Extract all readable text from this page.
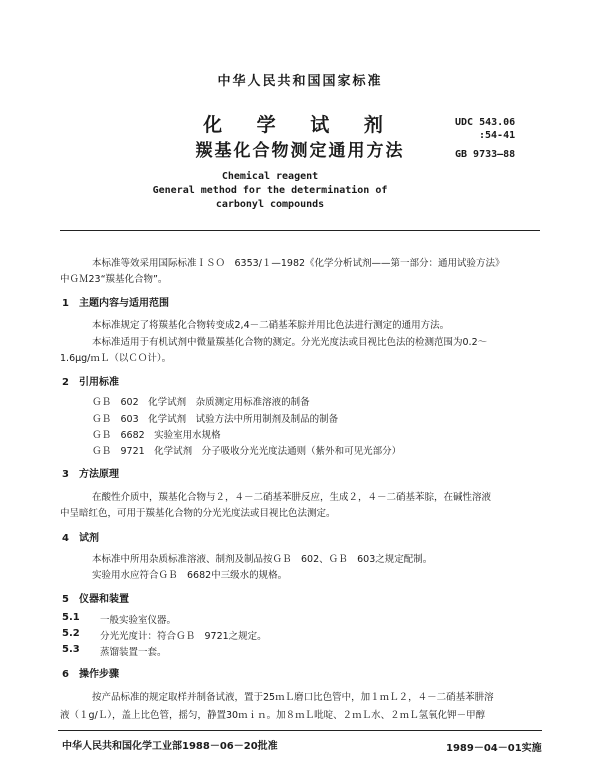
中华人民共和国国家标准
化 学 试 剂
羰基化合物测定通用方法
UDC 543.06
:54-41
GB 9733—88
Chemical reagent
General method for the determination of
carbonyl compounds
本标准等效采用国际标准ＩＳＯ　6353/１—1982《化学分析试剂——第一部分：通用试验方法》
中ＧＭ23“羰基化合物”。
1　主题内容与适用范围
本标准规定了将羰基化合物转变成2,4－二硝基苯腙并用比色法进行测定的通用方法。
本标准适用于有机试剂中微量羰基化合物的测定。分光光度法或目视比色法的检测范围为0.2～
1.6μg/ｍＬ（以ＣＯ计）。
2　引用标准
ＧＢ　602　化学试剂　杂质测定用标准溶液的制备
ＧＢ　603　化学试剂　试验方法中所用制剂及制品的制备
ＧＢ　6682　实验室用水规格
ＧＢ　9721　化学试剂　分子吸收分光光度法通则（紫外和可见光部分）
3　方法原理
在酸性介质中，羰基化合物与２，４－二硝基苯肼反应，生成２，４－二硝基苯腙，在碱性溶液
中呈暗红色，可用于羰基化合物的分光光度法或目视比色法测定。
4　试剂
本标准中所用杂质标准溶液、制剂及制品按ＧＢ　602、ＧＢ　603之规定配制。
实验用水应符合ＧＢ　6682中三级水的规格。
5　仪器和装置
5.1 一般实验室仪器。
5.2 分光光度计：符合ＧＢ　9721之规定。
5.3 蒸馏装置一套。
6　操作步骤
按产品标准的规定取样并制备试液，置于25ｍＬ磨口比色管中，加１ｍＬ２，４－二硝基苯肼溶
液（１g/Ｌ），盖上比色管，摇匀，静置30ｍｉｎ。加８ｍＬ吡啶、２ｍＬ水、２ｍＬ氢氧化钾－甲醇
中华人民共和国化学工业部1988－06－20批准	1989－04－01实施
